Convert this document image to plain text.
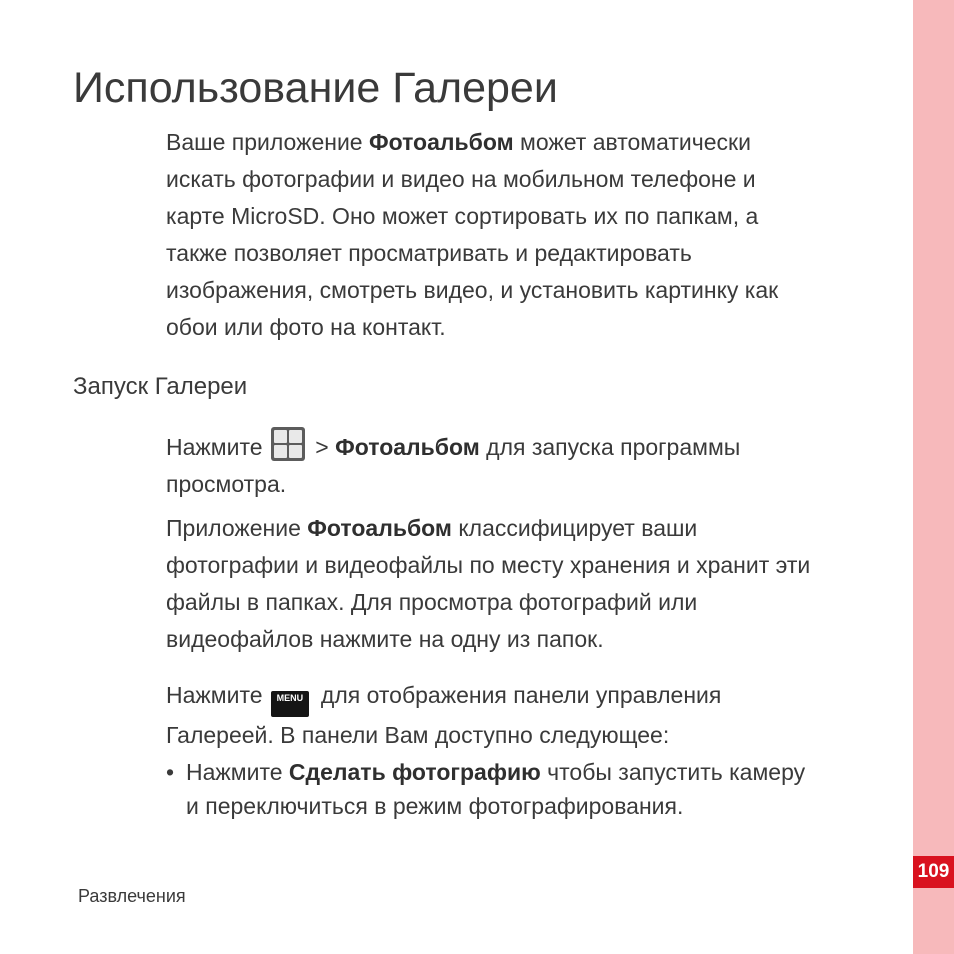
109
Использование Галереи
Ваше приложение Фотоальбом может автоматически
искать фотографии и видео на мобильном телефоне и
карте MicroSD. Оно может сортировать их по папкам, а
также позволяет просматривать и редактировать
изображения, смотреть видео, и установить картинку как
обои или фото на контакт.
Запуск Галереи
Нажмите
> Фотоальбом для запуска программы
просмотра.
Приложение Фотоальбом классифицирует ваши
фотографии и видеофайлы по месту хранения и хранит эти
файлы в папках. Для просмотра фотографий или
видеофайлов нажмите на одну из папок.
Нажмите MENU для отображения панели управления
Галереей. В панели Вам доступно следующее:
• Нажмите Сделать фотографию чтобы запустить камеру
и переключиться в режим фотографирования.
Развлечения
